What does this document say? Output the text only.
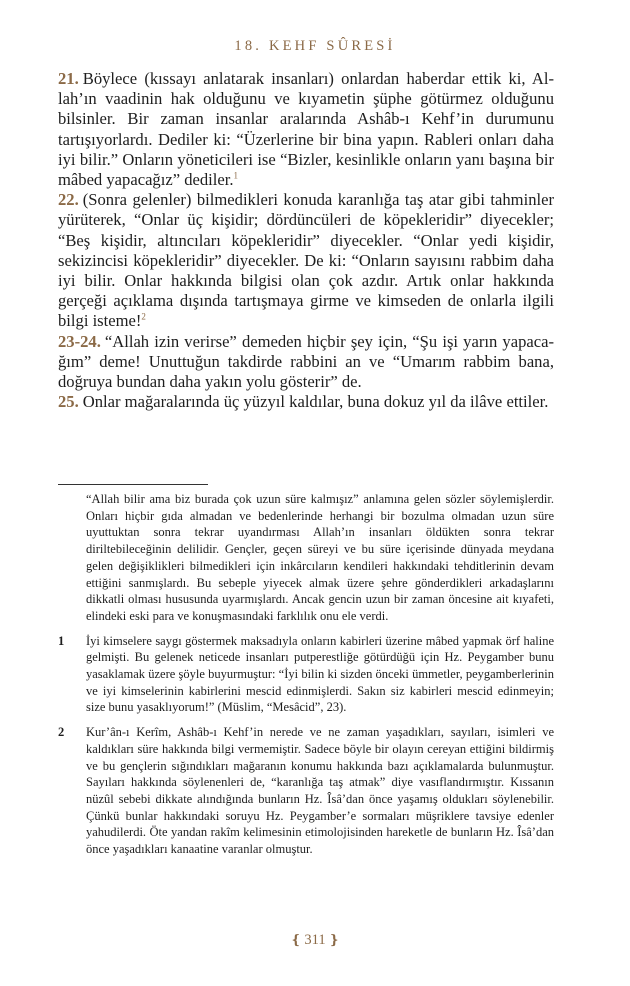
18. KEHF SÛRESİ

21. Böylece (kıssayı anlatarak insanları) onlardan haberdar ettik ki, Allah’ın vaadinin hak olduğunu ve kıyametin şüphe götürmez olduğunu bilsinler. Bir zaman insanlar aralarında Ashâb-ı Kehf’in durumunu tartışıyorlardı. Dediler ki: “Üzerlerine bir bina yapın. Rableri onları daha iyi bilir.” Onların yöneticileri ise “Bizler, kesinlikle onların yanı başına bir mâbed yapacağız” dediler.$^1$

22. (Sonra gelenler) bilmedikleri konuda karanlığa taş atar gibi tahminler yürüterek, “Onlar üç kişidir; dördüncüleri de köpekleridir” diyecekler; “Beş kişidir, altıncıları köpekleridir” diyecekler. “Onlar yedi kişidir, sekizincisi köpekleridir” diyecekler. De ki: “Onların sayısını rabbim daha iyi bilir. Onlar hakkında bilgisi olan çok azdır. Artık onlar hakkında gerçeği açıklama dışında tartışmaya girme ve kimseden de onlarla ilgili bilgi isteme!$^2$

23-24. “Allah izin verirse” demeden hiçbir şey için, “Şu işi yarın yapacağım” deme! Unuttuğun takdirde rabbini an ve “Umarım rabbim bana, doğruya bundan daha yakın yolu gösterir” de.

25. Onlar mağaralarında üç yüzyıl kaldılar, buna dokuz yıl da ilâve ettiler.

“Allah bilir ama biz burada çok uzun süre kalmışız” anlamına gelen sözler söylemişlerdir. Onları hiçbir gıda almadan ve bedenlerinde herhangi bir bozulma olmadan uzun süre uyuttuktan sonra tekrar uyandırması Allah’ın insanları öldükten sonra tekrar diriltebileceğinin delilidir. Gençler, geçen süreyi ve bu süre içerisinde dünyada meydana gelen değişiklikleri bilmedikleri için inkârcıların kendileri hakkındaki tehditlerinin devam ettiğini sanmışlardı. Bu sebeple yiyecek almak üzere şehre gönderdikleri arkadaşlarını dikkatli olması hususunda uyarmışlardı. Ancak gencin uzun bir zaman öncesine ait kıyafeti, elindeki eski para ve konuşmasındaki farklılık onu ele verdi.
1	İyi kimselere saygı göstermek maksadıyla onların kabirleri üzerine mâbed yapmak örf haline gelmişti. Bu gelenek neticede insanları putperestliğe götürdüğü için Hz. Peygamber bunu yasaklamak üzere şöyle buyurmuştur: “İyi bilin ki sizden önceki ümmetler, peygamberlerinin ve iyi kimselerinin kabirlerini mescid edinmişlerdi. Sakın siz kabirleri mescid edinmeyin; size bunu yasaklıyorum!” (Müslim, “Mesâcid”, 23).
2	Kur’ân-ı Kerîm, Ashâb-ı Kehf’in nerede ve ne zaman yaşadıkları, sayıları, isimleri ve kaldıkları süre hakkında bilgi vermemiştir. Sadece böyle bir olayın cereyan ettiğini bildirmiş ve bu gençlerin sığındıkları mağaranın konumu hakkında bazı açıklamalarda bulunmuştur. Sayıları hakkında söylenenleri de, “karanlığa taş atmak” diye vasıflandırmıştır. Kıssanın nüzûl sebebi dikkate alındığında bunların Hz. Îsâ’dan önce yaşamış oldukları söylenebilir. Çünkü bunlar hakkındaki soruyu Hz. Peygamber’e sormaları müşriklere tavsiye edenler yahudilerdi. Öte yandan rakîm kelimesinin etimolojisinden hareketle de bunların Hz. Îsâ’dan önce yaşadıkları kanaatine varanlar olmuştur.
❴ 311 ❵
